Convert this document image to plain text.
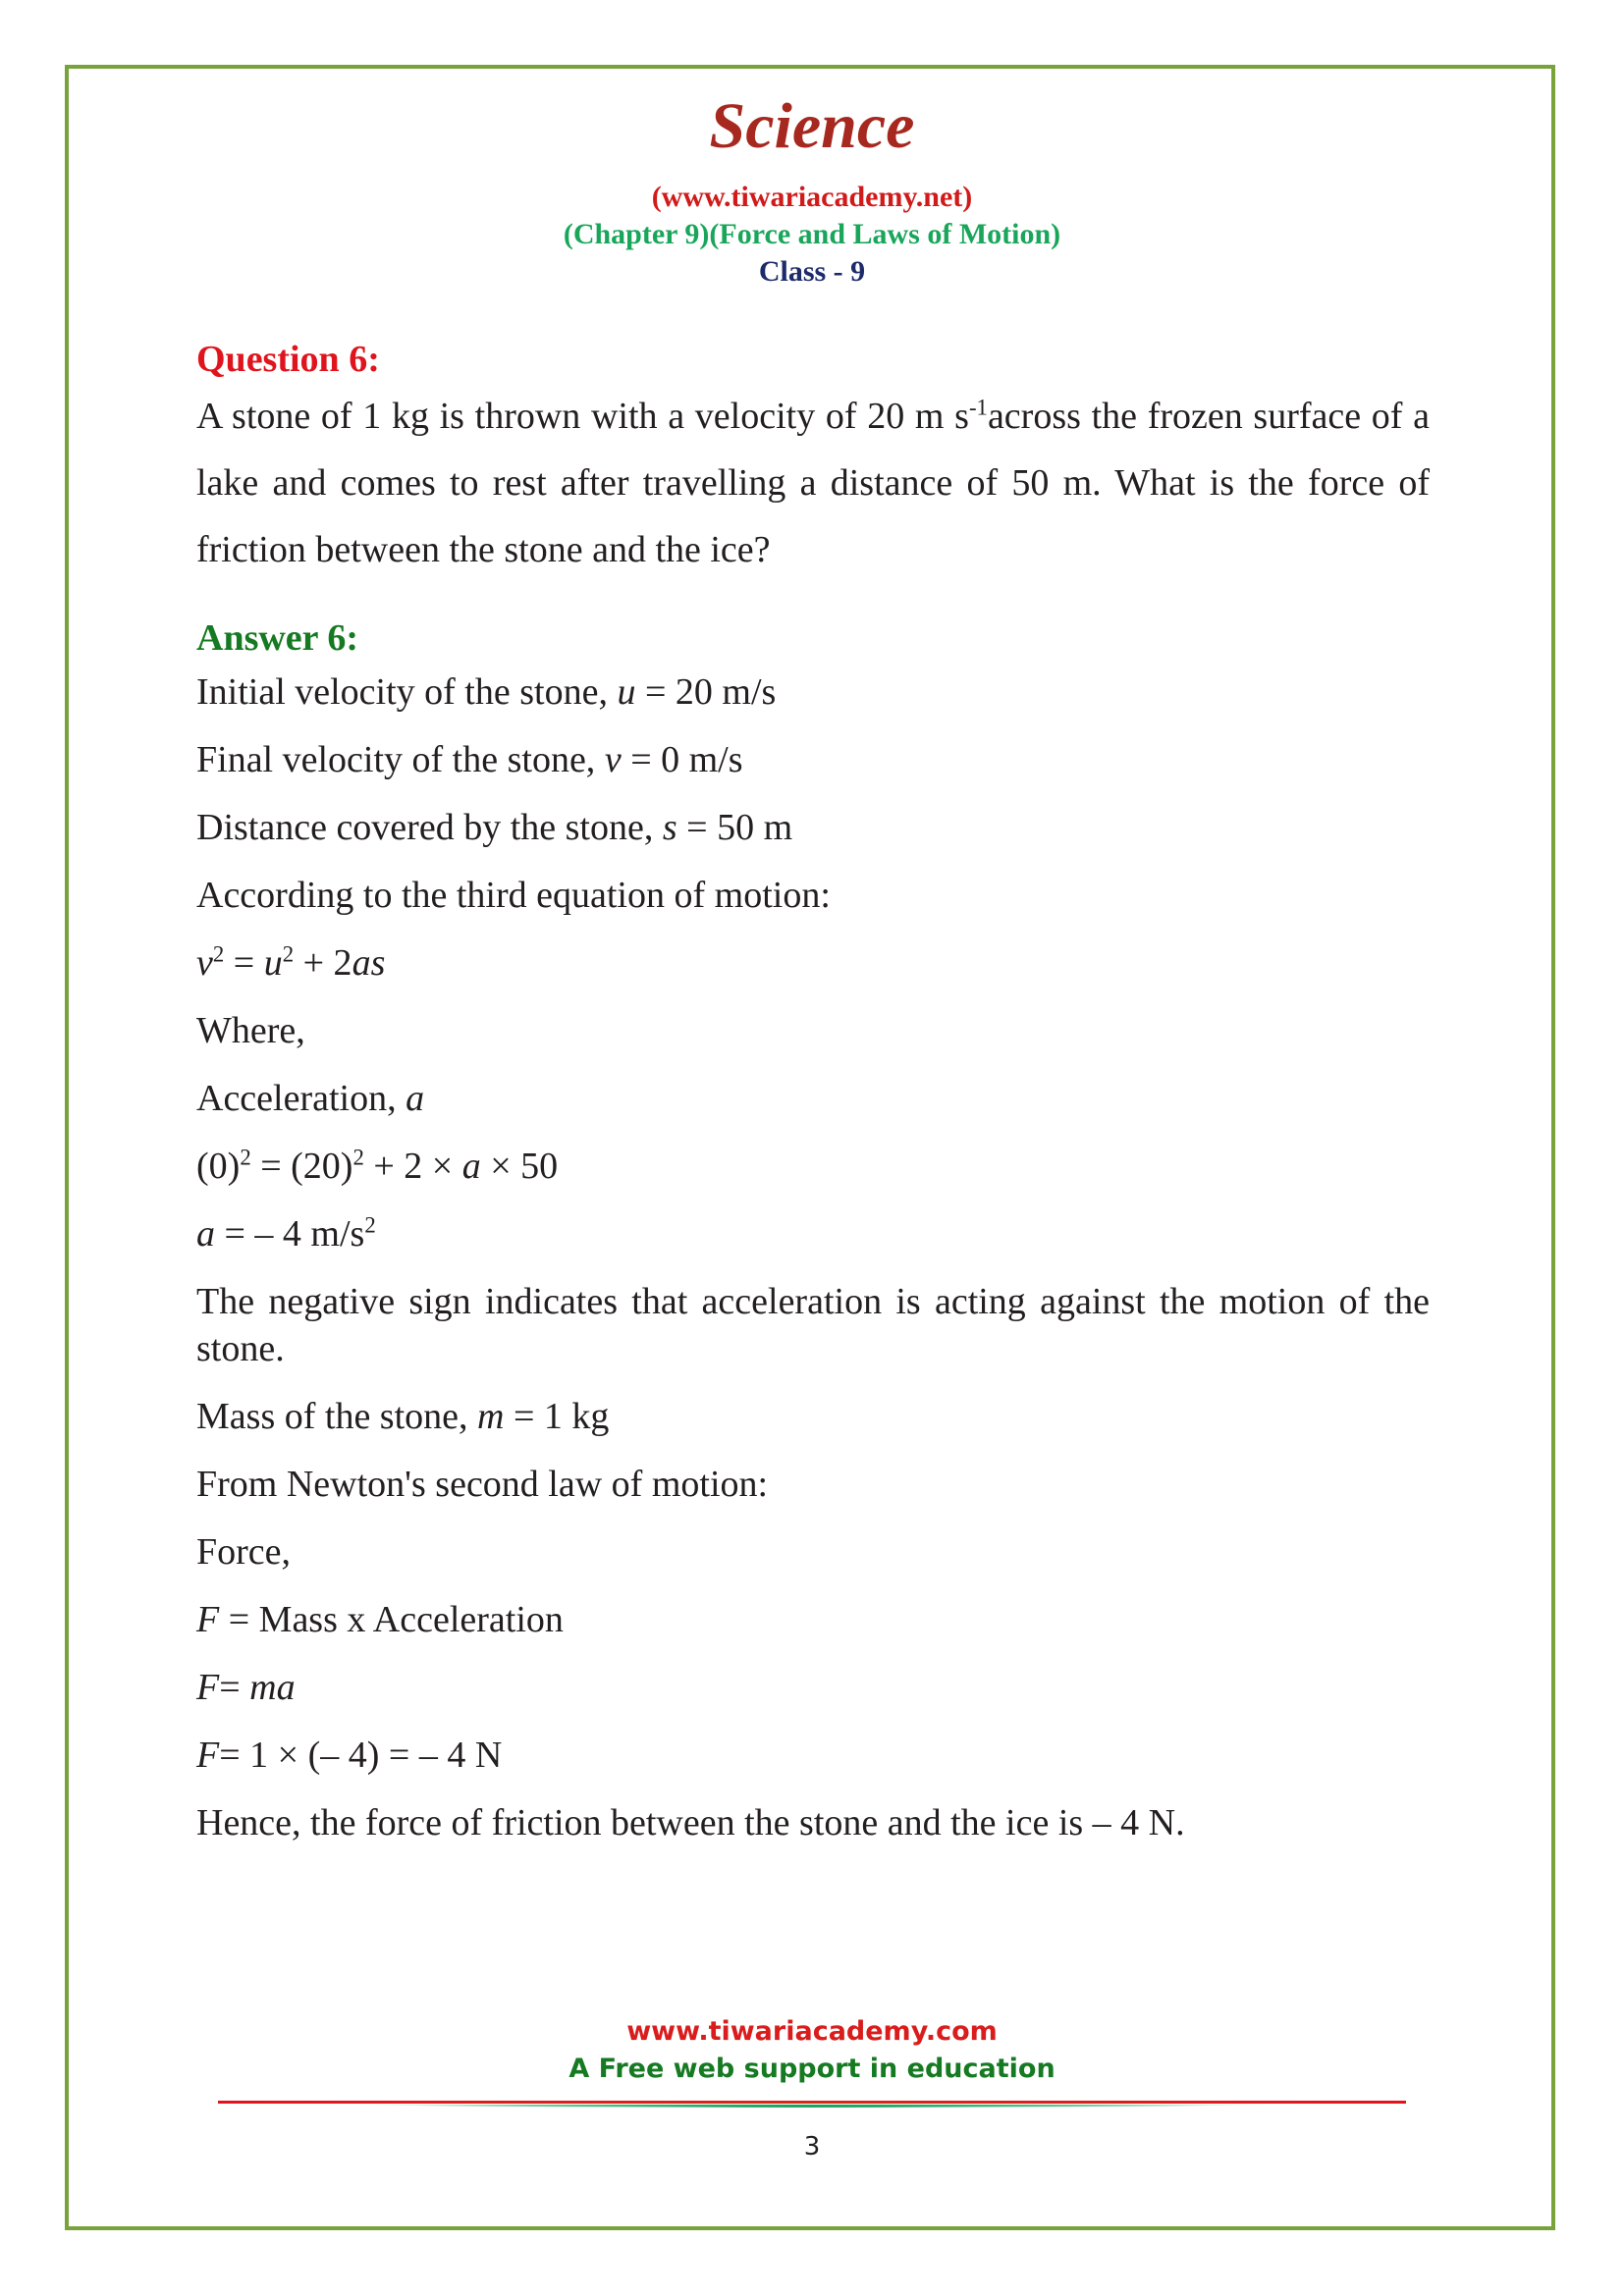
Science
(www.tiwariacademy.net)
(Chapter 9)(Force and Laws of Motion)
Class - 9

Question 6:

A stone of 1 kg is thrown with a velocity of 20 m $s^{-1}across$ the frozen surface of a lake and comes to rest after travelling a distance of 50 m. What is the force of friction between the stone and the ice?

Answer 6:

Initial velocity of the stone, u = 20 m/s

Final velocity of the stone, v = 0 m/s

Distance covered by the stone, s = 50 m

According to the third equation of motion:

$v^2 = u^2 + 2as$

Where,

Acceleration, a

$(0)^2 = (20)^2 + 2 \times a \times 50$

a = – 4 $m/s^2$

The negative sign indicates that acceleration is acting against the motion of the stone.

Mass of the stone, m = 1 kg

From Newton's second law of motion:

Force,

F = Mass x Acceleration

F= ma

F= 1 × (– 4) = – 4 N

Hence, the force of friction between the stone and the ice is – 4 N.

www.tiwariacademy.com
A Free web support in education
3
